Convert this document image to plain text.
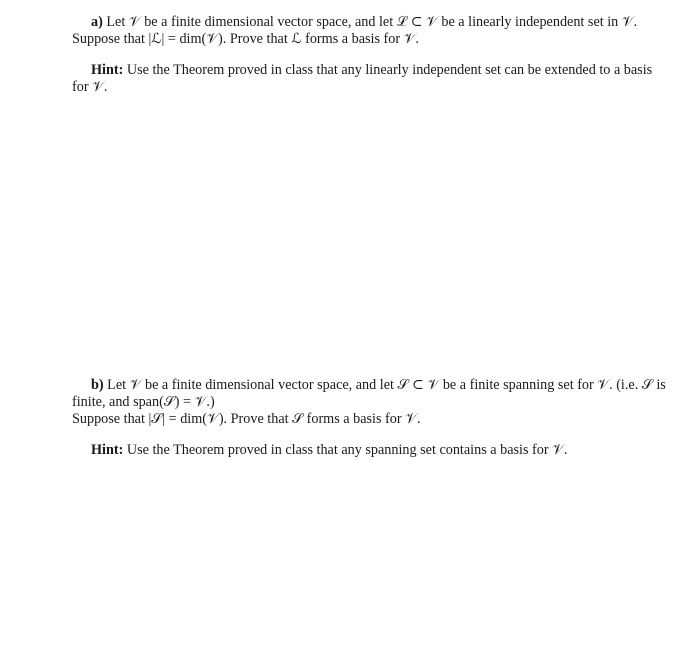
a) Let 𝒱 be a finite dimensional vector space, and let ℒ ⊂ 𝒱 be a linearly independent set in 𝒱.
Suppose that |ℒ| = dim(𝒱). Prove that ℒ forms a basis for 𝒱.
Hint: Use the Theorem proved in class that any linearly independent set can be extended to a basis
for 𝒱.
b) Let 𝒱 be a finite dimensional vector space, and let 𝒮 ⊂ 𝒱 be a finite spanning set for 𝒱. (i.e. 𝒮 is
finite, and span(𝒮) = 𝒱.)
Suppose that |𝒮| = dim(𝒱). Prove that 𝒮 forms a basis for 𝒱.
Hint: Use the Theorem proved in class that any spanning set contains a basis for 𝒱.
